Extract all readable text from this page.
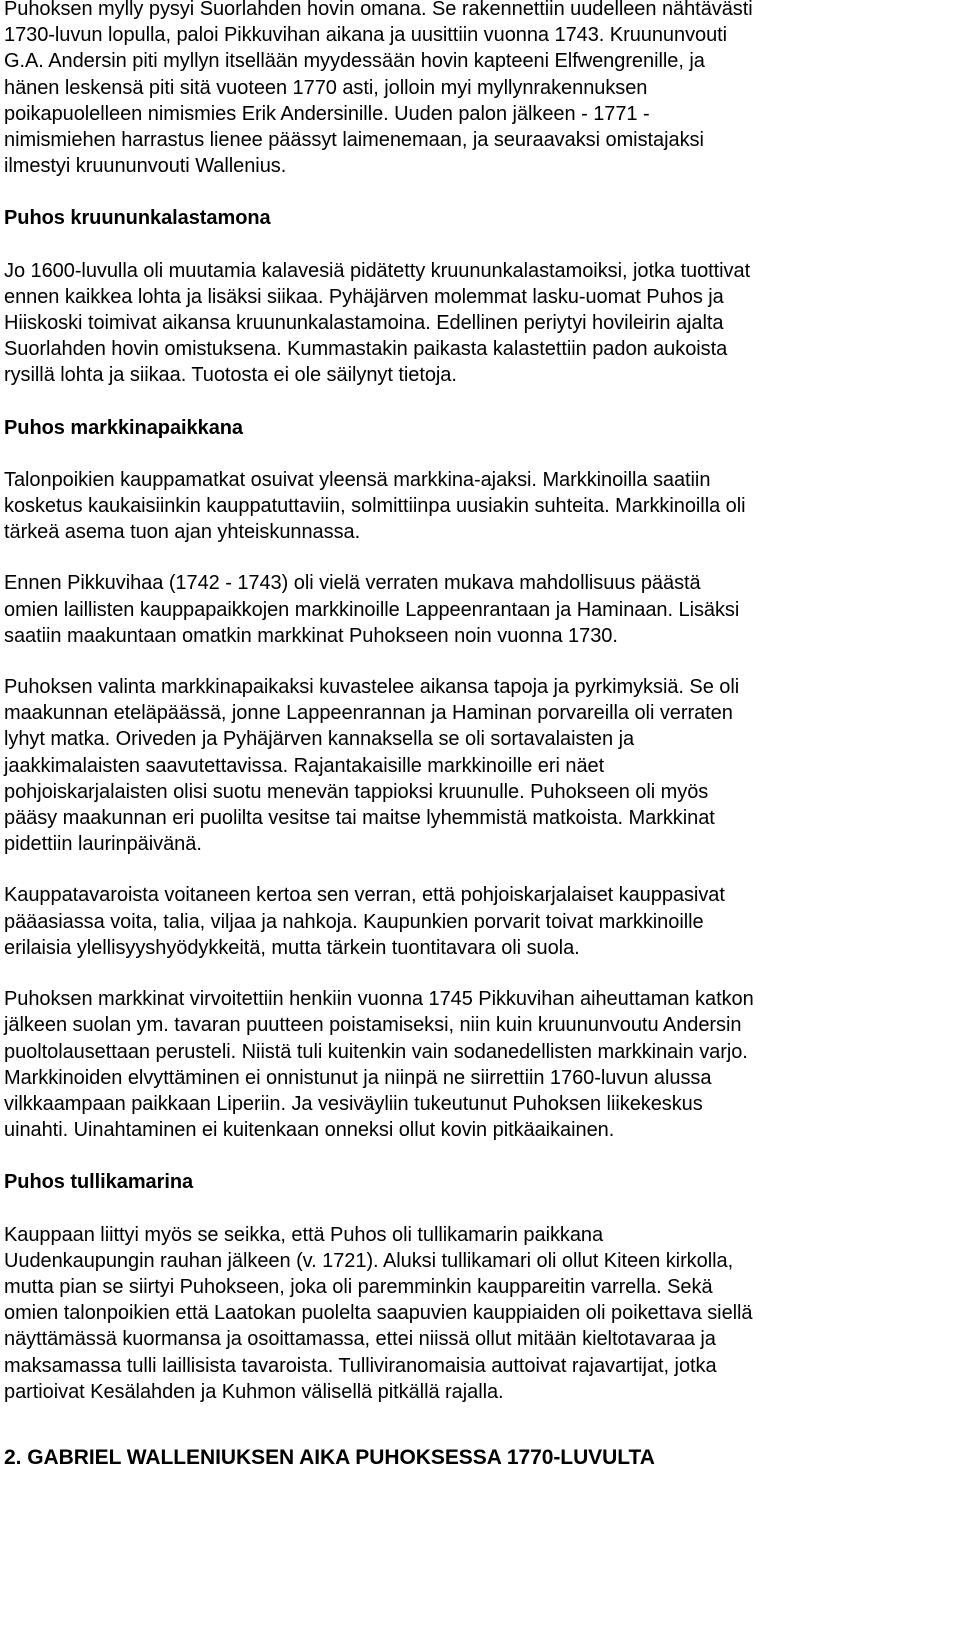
Puhoksen mylly pysyi Suorlahden hovin omana. Se rakennettiin uudelleen nähtävästi
1730-luvun lopulla, paloi Pikkuvihan aikana ja uusittiin vuonna 1743. Kruununvouti
G.A. Andersin piti myllyn itsellään myydessään hovin kapteeni Elfwengrenille, ja
hänen leskensä piti sitä vuoteen 1770 asti, jolloin myi myllynrakennuksen
poikapuolelleen nimismies Erik Andersinille. Uuden palon jälkeen - 1771 -
nimismiehen harrastus lienee päässyt laimenemaan, ja seuraavaksi omistajaksi
ilmestyi kruununvouti Wallenius.

Puhos kruununkalastamona

Jo 1600-luvulla oli muutamia kalavesiä pidätetty kruununkalastamoiksi, jotka tuottivat
ennen kaikkea lohta ja lisäksi siikaa. Pyhäjärven molemmat lasku-uomat Puhos ja
Hiiskoski toimivat aikansa kruununkalastamoina. Edellinen periytyi hovileirin ajalta
Suorlahden hovin omistuksena. Kummastakin paikasta kalastettiin padon aukoista
rysillä lohta ja siikaa. Tuotosta ei ole säilynyt tietoja.

Puhos markkinapaikkana

Talonpoikien kauppamatkat osuivat yleensä markkina-ajaksi. Markkinoilla saatiin
kosketus kaukaisiinkin kauppatuttaviin, solmittiinpa uusiakin suhteita. Markkinoilla oli
tärkeä asema tuon ajan yhteiskunnassa.

Ennen Pikkuvihaa (1742 - 1743) oli vielä verraten mukava mahdollisuus päästä
omien laillisten kauppapaikkojen markkinoille Lappeenrantaan ja Haminaan. Lisäksi
saatiin maakuntaan omatkin markkinat Puhokseen noin vuonna 1730.

Puhoksen valinta markkinapaikaksi kuvastelee aikansa tapoja ja pyrkimyksiä. Se oli
maakunnan eteläpäässä, jonne Lappeenrannan ja Haminan porvareilla oli verraten
lyhyt matka. Oriveden ja Pyhäjärven kannaksella se oli sortavalaisten ja
jaakkimalaisten saavutettavissa. Rajantakaisille markkinoille eri näet
pohjoiskarjalaisten olisi suotu menevän tappioksi kruunulle. Puhokseen oli myös
pääsy maakunnan eri puolilta vesitse tai maitse lyhemmistä matkoista. Markkinat
pidettiin laurinpäivänä.

Kauppatavaroista voitaneen kertoa sen verran, että pohjoiskarjalaiset kauppasivat
pääasiassa voita, talia, viljaa ja nahkoja. Kaupunkien porvarit toivat markkinoille
erilaisia ylellisyyshyödykkeitä, mutta tärkein tuontitavara oli suola.

Puhoksen markkinat virvoitettiin henkiin vuonna 1745 Pikkuvihan aiheuttaman katkon
jälkeen suolan ym. tavaran puutteen poistamiseksi, niin kuin kruununvoutu Andersin
puoltolausettaan perusteli. Niistä tuli kuitenkin vain sodanedellisten markkinain varjo.
Markkinoiden elvyttäminen ei onnistunut ja niinpä ne siirrettiin 1760-luvun alussa
vilkkaampaan paikkaan Liperiin. Ja vesiväyliin tukeutunut Puhoksen liikekeskus
uinahti. Uinahtaminen ei kuitenkaan onneksi ollut kovin pitkäaikainen.

Puhos tullikamarina

Kauppaan liittyi myös se seikka, että Puhos oli tullikamarin paikkana
Uudenkaupungin rauhan jälkeen (v. 1721). Aluksi tullikamari oli ollut Kiteen kirkolla,
mutta pian se siirtyi Puhokseen, joka oli paremminkin kauppareitin varrella. Sekä
omien talonpoikien että Laatokan puolelta saapuvien kauppiaiden oli poikettava siellä
näyttämässä kuormansa ja osoittamassa, ettei niissä ollut mitään kieltotavaraa ja
maksamassa tulli laillisista tavaroista. Tulliviranomaisia auttoivat rajavartijat, jotka
partioivat Kesälahden ja Kuhmon välisellä pitkällä rajalla.

2. GABRIEL WALLENIUKSEN AIKA PUHOKSESSA 1770-LUVULTA
